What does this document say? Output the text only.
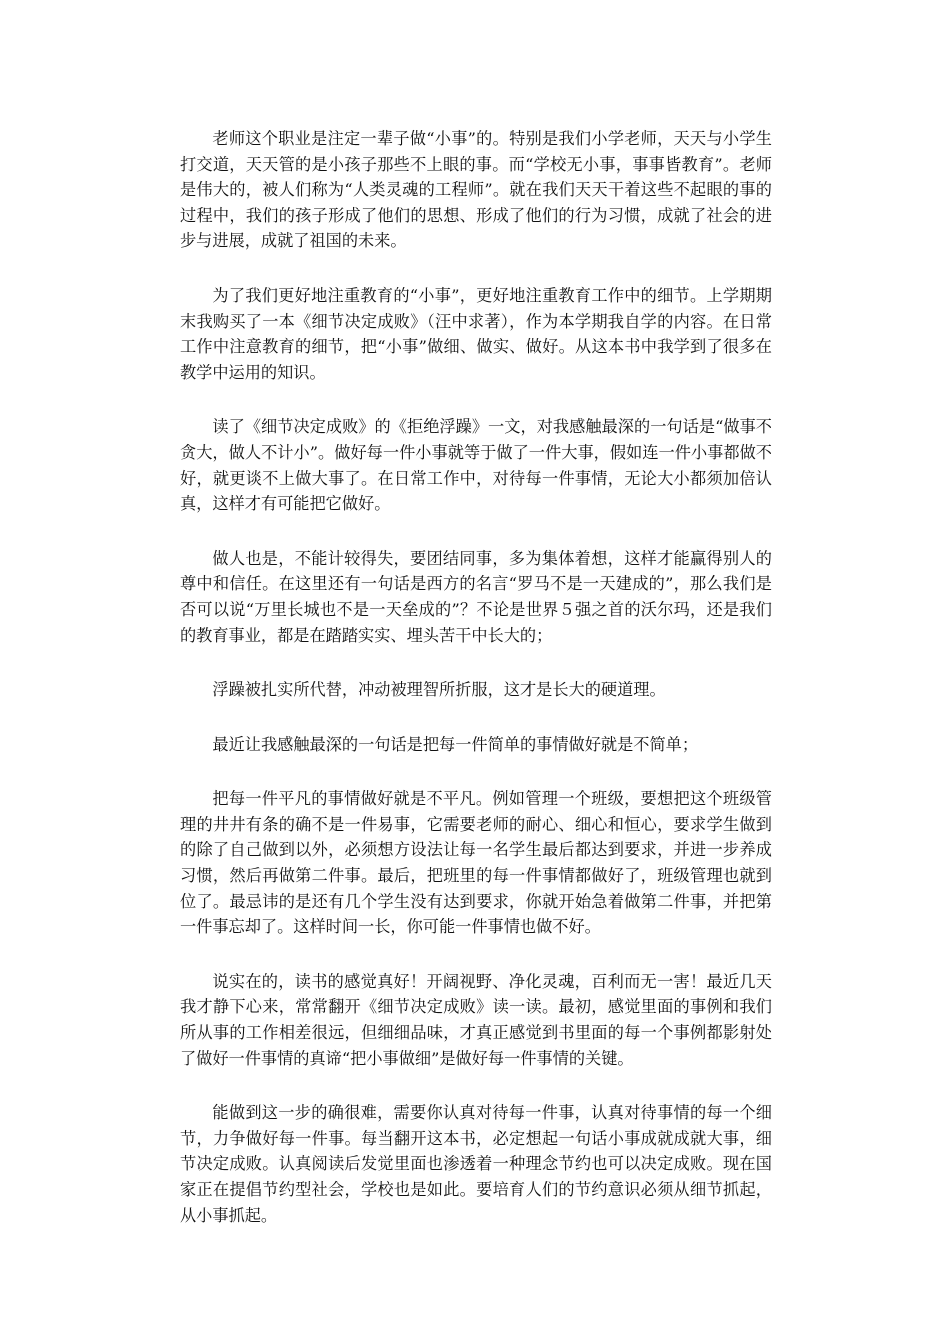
老师这个职业是注定一辈子做“小事”的。特别是我们小学老师，天天与小学生打交道，天天管的是小孩子那些不上眼的事。而“学校无小事，事事皆教育”。老师是伟大的，被人们称为“人类灵魂的工程师”。就在我们天天干着这些不起眼的事的过程中，我们的孩子形成了他们的思想、形成了他们的行为习惯，成就了社会的进步与进展，成就了祖国的未来。

为了我们更好地注重教育的“小事”，更好地注重教育工作中的细节。上学期期末我购买了一本《细节决定成败》（汪中求著），作为本学期我自学的内容。在日常工作中注意教育的细节，把“小事”做细、做实、做好。从这本书中我学到了很多在教学中运用的知识。

读了《细节决定成败》的《拒绝浮躁》一文，对我感触最深的一句话是“做事不贪大，做人不计小”。做好每一件小事就等于做了一件大事，假如连一件小事都做不好，就更谈不上做大事了。在日常工作中，对待每一件事情，无论大小都须加倍认真，这样才有可能把它做好。

做人也是，不能计较得失，要团结同事，多为集体着想，这样才能赢得别人的尊中和信任。在这里还有一句话是西方的名言“罗马不是一天建成的”，那么我们是否可以说“万里长城也不是一天垒成的”？不论是世界５强之首的沃尔玛，还是我们的教育事业，都是在踏踏实实、埋头苦干中长大的；

浮躁被扎实所代替，冲动被理智所折服，这才是长大的硬道理。

最近让我感触最深的一句话是把每一件简单的事情做好就是不简单；

把每一件平凡的事情做好就是不平凡。例如管理一个班级，要想把这个班级管理的井井有条的确不是一件易事，它需要老师的耐心、细心和恒心，要求学生做到的除了自己做到以外，必须想方设法让每一名学生最后都达到要求，并进一步养成习惯，然后再做第二件事。最后，把班里的每一件事情都做好了，班级管理也就到位了。最忌讳的是还有几个学生没有达到要求，你就开始急着做第二件事，并把第一件事忘却了。这样时间一长，你可能一件事情也做不好。

说实在的，读书的感觉真好！开阔视野、净化灵魂，百利而无一害！最近几天我才静下心来，常常翻开《细节决定成败》读一读。最初，感觉里面的事例和我们所从事的工作相差很远，但细细品味，才真正感觉到书里面的每一个事例都影射处了做好一件事情的真谛“把小事做细”是做好每一件事情的关键。

能做到这一步的确很难，需要你认真对待每一件事，认真对待事情的每一个细节，力争做好每一件事。每当翻开这本书，必定想起一句话小事成就成就大事，细节决定成败。认真阅读后发觉里面也渗透着一种理念节约也可以决定成败。现在国家正在提倡节约型社会，学校也是如此。要培育人们的节约意识必须从细节抓起，从小事抓起。
